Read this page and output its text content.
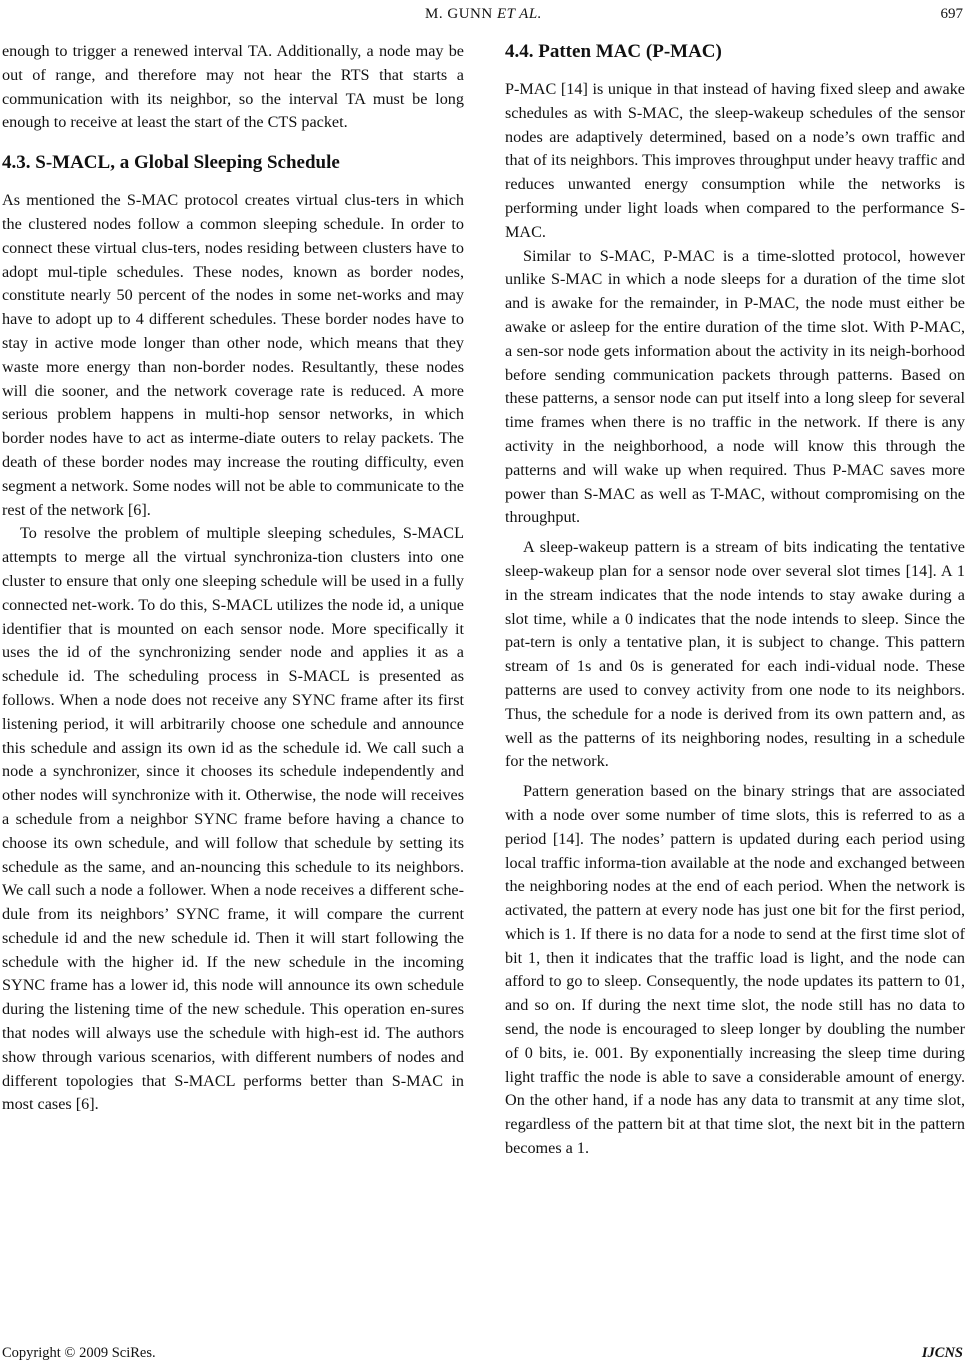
M. GUNN ET AL.	697

enough to trigger a renewed interval TA. Additionally, a node may be out of range, and therefore may not hear the RTS that starts a communication with its neighbor, so the interval TA must be long enough to receive at least the start of the CTS packet.

4.3. S-MACL, a Global Sleeping Schedule

As mentioned the S-MAC protocol creates virtual clus-ters in which the clustered nodes follow a common sleeping schedule. In order to connect these virtual clus-ters, nodes residing between clusters have to adopt mul-tiple schedules. These nodes, known as border nodes, constitute nearly 50 percent of the nodes in some net-works and may have to adopt up to 4 different schedules. These border nodes have to stay in active mode longer than other node, which means that they waste more energy than non-border nodes. Resultantly, these nodes will die sooner, and the network coverage rate is reduced. A more serious problem happens in multi-hop sensor networks, in which border nodes have to act as interme-diate outers to relay packets. The death of these border nodes may increase the routing difficulty, even segment a network. Some nodes will not be able to communicate to the rest of the network [6].

To resolve the problem of multiple sleeping schedules, S-MACL attempts to merge all the virtual synchroniza-tion clusters into one cluster to ensure that only one sleeping schedule will be used in a fully connected net-work. To do this, S-MACL utilizes the node id, a unique identifier that is mounted on each sensor node. More specifically it uses the id of the synchronizing sender node and applies it as a schedule id. The scheduling process in S-MACL is presented as follows. When a node does not receive any SYNC frame after its first listening period, it will arbitrarily choose one schedule and announce this schedule and assign its own id as the schedule id. We call such a node a synchronizer, since it chooses its schedule independently and other nodes will synchronize with it. Otherwise, the node will receives a schedule from a neighbor SYNC frame before having a chance to choose its own schedule, and will follow that schedule by setting its schedule as the same, and an-nouncing this schedule to its neighbors. We call such a node a follower. When a node receives a different sche-dule from its neighbors’ SYNC frame, it will compare the current schedule id and the new schedule id. Then it will start following the schedule with the higher id. If the new schedule in the incoming SYNC frame has a lower id, this node will announce its own schedule during the listening time of the new schedule. This operation en-sures that nodes will always use the schedule with high-est id. The authors show through various scenarios, with different numbers of nodes and different topologies that S-MACL performs better than S-MAC in most cases [6].

4.4. Patten MAC (P-MAC)

P-MAC [14] is unique in that instead of having fixed sleep and awake schedules as with S-MAC, the sleep-wakeup schedules of the sensor nodes are adaptively determined, based on a node’s own traffic and that of its neighbors. This improves throughput under heavy traffic and reduces unwanted energy consumption while the networks is performing under light loads when compared to the performance S-MAC.

Similar to S-MAC, P-MAC is a time-slotted protocol, however unlike S-MAC in which a node sleeps for a duration of the time slot and is awake for the remainder, in P-MAC, the node must either be awake or asleep for the entire duration of the time slot. With P-MAC, a sen-sor node gets information about the activity in its neigh-borhood before sending communication packets through patterns. Based on these patterns, a sensor node can put itself into a long sleep for several time frames when there is no traffic in the network. If there is any activity in the neighborhood, a node will know this through the patterns and will wake up when required. Thus P-MAC saves more power than S-MAC as well as T-MAC, without compromising on the throughput.

A sleep-wakeup pattern is a stream of bits indicating the tentative sleep-wakeup plan for a sensor node over several slot times [14]. A 1 in the stream indicates that the node intends to stay awake during a slot time, while a 0 indicates that the node intends to sleep. Since the pat-tern is only a tentative plan, it is subject to change. This pattern stream of 1s and 0s is generated for each indi-vidual node. These patterns are used to convey activity from one node to its neighbors. Thus, the schedule for a node is derived from its own pattern and, as well as the patterns of its neighboring nodes, resulting in a schedule for the network.

Pattern generation based on the binary strings that are associated with a node over some number of time slots, this is referred to as a period [14]. The nodes’ pattern is updated during each period using local traffic informa-tion available at the node and exchanged between the neighboring nodes at the end of each period. When the network is activated, the pattern at every node has just one bit for the first period, which is 1. If there is no data for a node to send at the first time slot of bit 1, then it indicates that the traffic load is light, and the node can afford to go to sleep. Consequently, the node updates its pattern to 01, and so on. If during the next time slot, the node still has no data to send, the node is encouraged to sleep longer by doubling the number of 0 bits, ie. 001. By exponentially increasing the sleep time during light traffic the node is able to save a considerable amount of energy. On the other hand, if a node has any data to transmit at any time slot, regardless of the pattern bit at that time slot, the next bit in the pattern becomes a 1.

Copyright © 2009 SciRes.	IJCNS
